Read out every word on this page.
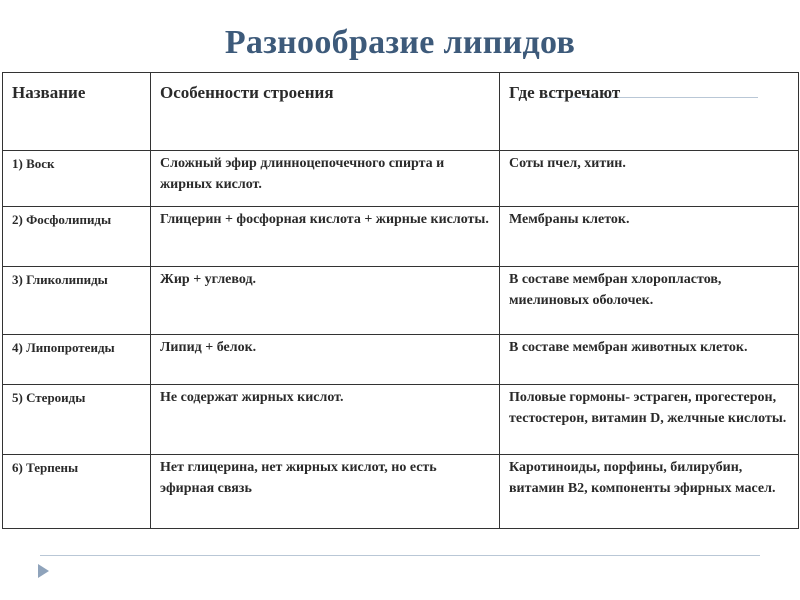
Разнообразие липидов
Название	Особенности строения	Где встречают
1) Воск	Сложный эфир длинноцепочечного спирта и жирных кислот.	Соты пчел, хитин.
2) Фосфолипиды	Глицерин + фосфорная кислота + жирные кислоты.	Мембраны клеток.
3) Гликолипиды	Жир + углевод.	В составе мембран хлоропластов, миелиновых оболочек.
4) Липопротеиды	Липид + белок.	В составе мембран животных клеток.
5) Стероиды	Не содержат жирных кислот.	Половые гормоны- эстраген, прогестерон, тестостерон, витамин D, желчные кислоты.
6) Терпены	Нет глицерина, нет жирных кислот, но есть эфирная связь	Каротиноиды, порфины, билирубин, витамин В2, компоненты эфирных масел.
